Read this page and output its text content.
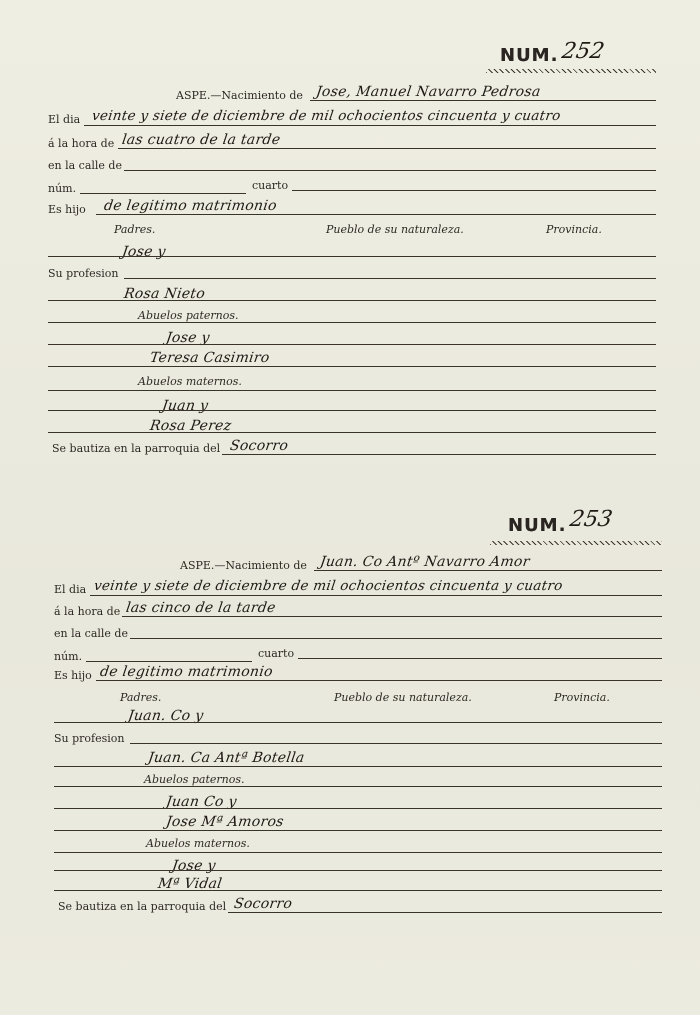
NUM. 252
ASPE.—Nacimiento de Jose, Manuel Navarro Pedrosa
El dia veinte y siete de diciembre de mil ochocientos cincuenta y cuatro
á la hora de las cuatro de la tarde
en la calle de
núm.	cuarto
Es hijo de legitimo matrimonio
Padres.	Pueblo de su naturaleza.	Provincia.
Jose y
Su profesion
Rosa Nieto
Abuelos paternos.
Jose y
Teresa Casimiro
Abuelos maternos.
Juan y
Rosa Perez
Se bautiza en la parroquia del Socorro
NUM. 253
ASPE.—Nacimiento de Juan. Co Antº Navarro Amor
El dia veinte y siete de diciembre de mil ochocientos cincuenta y cuatro
á la hora de las cinco de la tarde
en la calle de
núm.	cuarto
Es hijo de legitimo matrimonio
Padres.	Pueblo de su naturaleza.	Provincia.
Juan. Co y
Su profesion
Juan. Ca Antª Botella
Abuelos paternos.
Juan Co y
Jose Mª Amoros
Abuelos maternos.
Jose y
Mª Vidal
Se bautiza en la parroquia del Socorro
